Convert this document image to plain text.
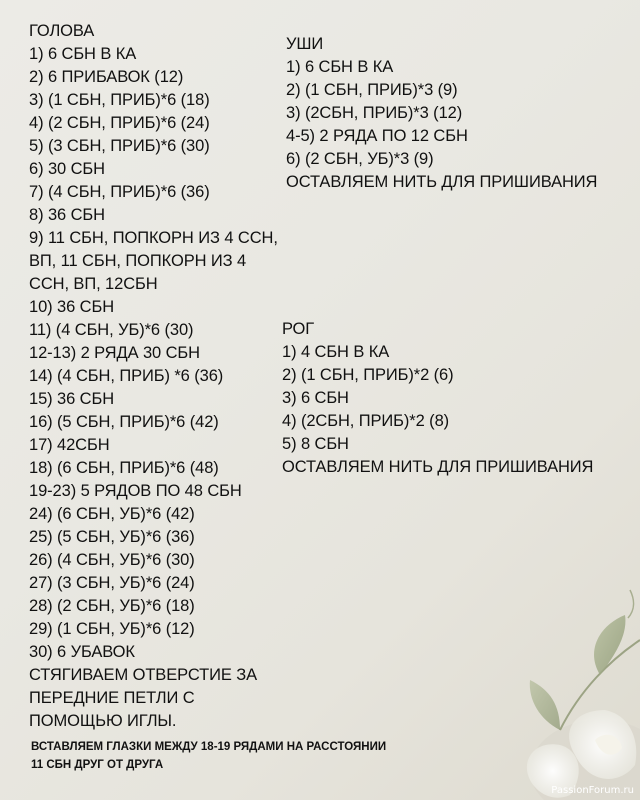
ГОЛОВА
1) 6 СБН В КА
2) 6 ПРИБАВОК (12)
3) (1 СБН, ПРИБ)*6 (18)
4) (2 СБН, ПРИБ)*6 (24)
5) (3 СБН, ПРИБ)*6 (30)
6) 30 СБН
7) (4 СБН, ПРИБ)*6 (36)
8) 36 СБН
9) 11 СБН, ПОПКОРН ИЗ 4 ССН,
ВП, 11 СБН, ПОПКОРН ИЗ 4
ССН, ВП, 12СБН
10) 36 СБН
11) (4 СБН, УБ)*6 (30)
12-13) 2 РЯДА 30 СБН
14) (4 СБН, ПРИБ) *6 (36)
15) 36 СБН
16) (5 СБН, ПРИБ)*6 (42)
17) 42СБН
18) (6 СБН, ПРИБ)*6 (48)
19-23) 5 РЯДОВ ПО 48 СБН
24) (6 СБН, УБ)*6 (42)
25) (5 СБН, УБ)*6 (36)
26) (4 СБН, УБ)*6 (30)
27) (3 СБН, УБ)*6 (24)
28) (2 СБН, УБ)*6 (18)
29) (1 СБН, УБ)*6 (12)
30) 6 УБАВОК
СТЯГИВАЕМ ОТВЕРСТИЕ ЗА
ПЕРЕДНИЕ ПЕТЛИ С
ПОМОЩЬЮ ИГЛЫ.
УШИ
1) 6 СБН В КА
2) (1 СБН, ПРИБ)*3 (9)
3) (2СБН, ПРИБ)*3 (12)
4-5) 2 РЯДА ПО 12 СБН
6) (2 СБН, УБ)*3 (9)
ОСТАВЛЯЕМ НИТЬ ДЛЯ ПРИШИВАНИЯ
РОГ
1) 4 СБН В КА
2) (1 СБН, ПРИБ)*2 (6)
3) 6 СБН
4) (2СБН, ПРИБ)*2 (8)
5) 8 СБН
ОСТАВЛЯЕМ НИТЬ ДЛЯ ПРИШИВАНИЯ
ВСТАВЛЯЕМ ГЛАЗКИ МЕЖДУ 18-19 РЯДАМИ НА РАССТОЯНИИ
11 СБН ДРУГ ОТ ДРУГА
PassionForum.ru
